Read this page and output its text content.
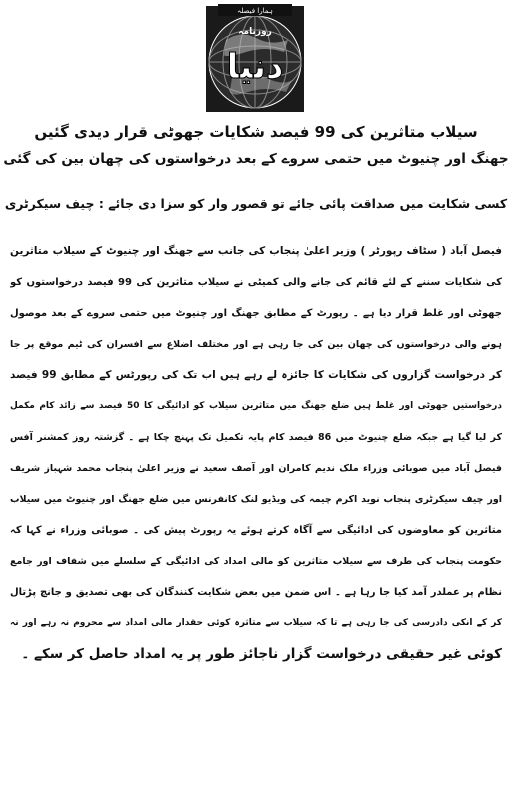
ہمارا فیصلہ
روزنامہ
دنیا
سیلاب متاثرین کی 99 فیصد شکایات جھوٹی قرار دیدی گئیں
جھنگ اور چنیوٹ میں حتمی سروے کے بعد درخواستوں کی چھان بین کی گئی
کسی شکایت میں صداقت پائی جائے تو قصور وار کو سزا دی جائے : چیف سیکرٹری
فیصل آباد ( سٹاف رپورٹر ) وزیر اعلیٰ پنجاب کی جانب سے جھنگ اور چنیوٹ کے سیلاب متاثرین
کی شکایات سننے کے لئے قائم کی جانے والی کمیٹی نے سیلاب متاثرین کی 99 فیصد درخواستوں کو
جھوٹی اور غلط قرار دیا ہے ۔ رپورٹ کے مطابق جھنگ اور چنیوٹ میں حتمی سروے کے بعد موصول
ہونے والی درخواستوں کی چھان بین کی جا رہی ہے اور مختلف اضلاع سے افسران کی ٹیم موقع پر جا
کر درخواست گزاروں کی شکایات کا جائزہ لے رہے ہیں اب تک کی رپورٹس کے مطابق 99 فیصد
درخواستیں جھوٹی اور غلط ہیں ضلع جھنگ میں متاثرین سیلاب کو ادائیگی کا 50 فیصد سے زائد کام مکمل
کر لیا گیا ہے جبکہ ضلع چنیوٹ میں 86 فیصد کام پایہ تکمیل تک پہنچ چکا ہے ۔ گزشتہ روز کمشنر آفس
فیصل آباد میں صوبائی وزراء ملک ندیم کامران اور آصف سعید نے وزیر اعلیٰ پنجاب محمد شہباز شریف
اور چیف سیکرٹری پنجاب نوید اکرم چیمہ کی ویڈیو لنک کانفرنس میں ضلع جھنگ اور چنیوٹ میں سیلاب
متاثرین کو معاوضوں کی ادائیگی سے آگاہ کرتے ہوئے یہ رپورٹ پیش کی ۔ صوبائی وزراء نے کہا کہ
حکومت پنجاب کی طرف سے سیلاب متاثرین کو مالی امداد کی ادائیگی کے سلسلے میں شفاف اور جامع
نظام پر عملدر آمد کیا جا رہا ہے ۔ اس ضمن میں بعض شکایت کنندگان کی بھی تصدیق و جانچ پڑتال
کر کے انکی دادرسی کی جا رہی ہے تا کہ سیلاب سے متاثرہ کوئی حقدار مالی امداد سے محروم نہ رہے اور نہ
کوئی غیر حقیقی درخواست گزار ناجائز طور پر یہ امداد حاصل کر سکے ۔
